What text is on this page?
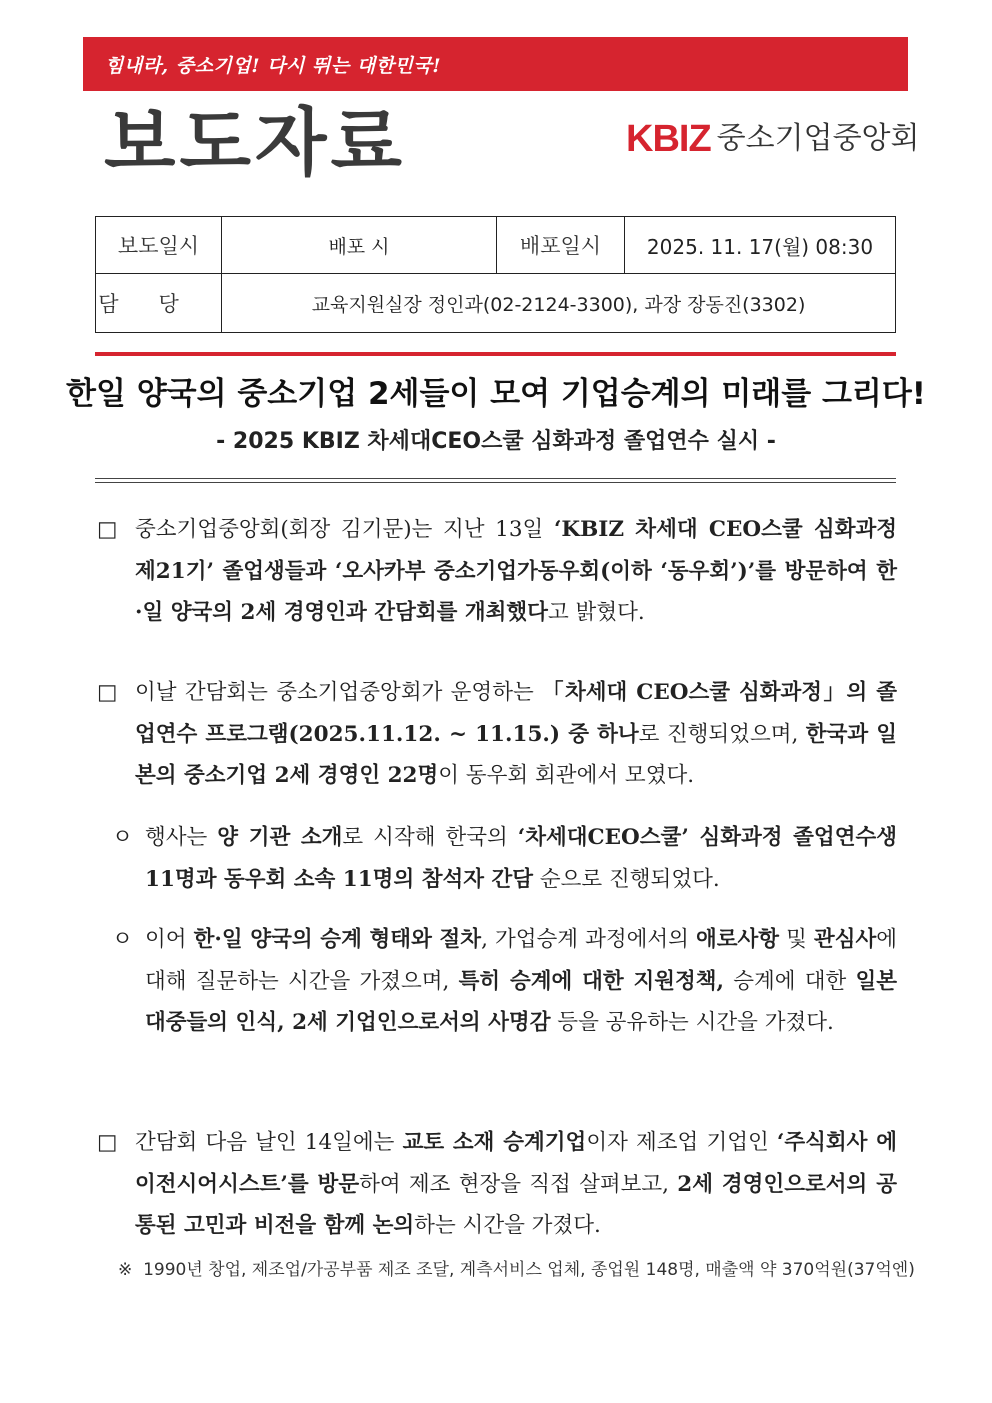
힘내라, 중소기업! 다시 뛰는 대한민국!
보도자료	KBIZ 중소기업중앙회
보도일시	배포 시	배포일시	2025. 11. 17(월) 08:30
담당	교육지원실장 정인과(02-2124-3300), 과장 장동진(3302)		
한일 양국의 중소기업 2세들이 모여 기업승계의 미래를 그리다!
- 2025 KBIZ 차세대CEO스쿨 심화과정 졸업연수 실시 -
□ 중소기업중앙회(회장 김기문)는 지난 13일 ‘KBIZ 차세대 CEO스쿨 심화과정 제21기’ 졸업생들과 ‘오사카부 중소기업가동우회(이하 ‘동우회’)’를 방문하여 한·일 양국의 2세 경영인과 간담회를 개최했다고 밝혔다.
□ 이날 간담회는 중소기업중앙회가 운영하는 「차세대 CEO스쿨 심화과정」의 졸업연수 프로그램(2025.11.12. ~ 11.15.) 중 하나로 진행되었으며, 한국과 일본의 중소기업 2세 경영인 22명이 동우회 회관에서 모였다.
ㅇ 행사는 양 기관 소개로 시작해 한국의 ‘차세대CEO스쿨’ 심화과정 졸업연수생 11명과 동우회 소속 11명의 참석자 간담 순으로 진행되었다.
ㅇ 이어 한·일 양국의 승계 형태와 절차, 가업승계 과정에서의 애로사항 및 관심사에 대해 질문하는 시간을 가졌으며, 특히 승계에 대한 지원정책, 승계에 대한 일본 대중들의 인식, 2세 기업인으로서의 사명감 등을 공유하는 시간을 가졌다.
□ 간담회 다음 날인 14일에는 교토 소재 승계기업이자 제조업 기업인 ‘주식회사 에이전시어시스트’를 방문하여 제조 현장을 직접 살펴보고, 2세 경영인으로서의 공통된 고민과 비전을 함께 논의하는 시간을 가졌다.
※ 1990년 창업, 제조업/가공부품 제조 조달, 계측서비스 업체, 종업원 148명, 매출액 약 370억원(37억엔)
